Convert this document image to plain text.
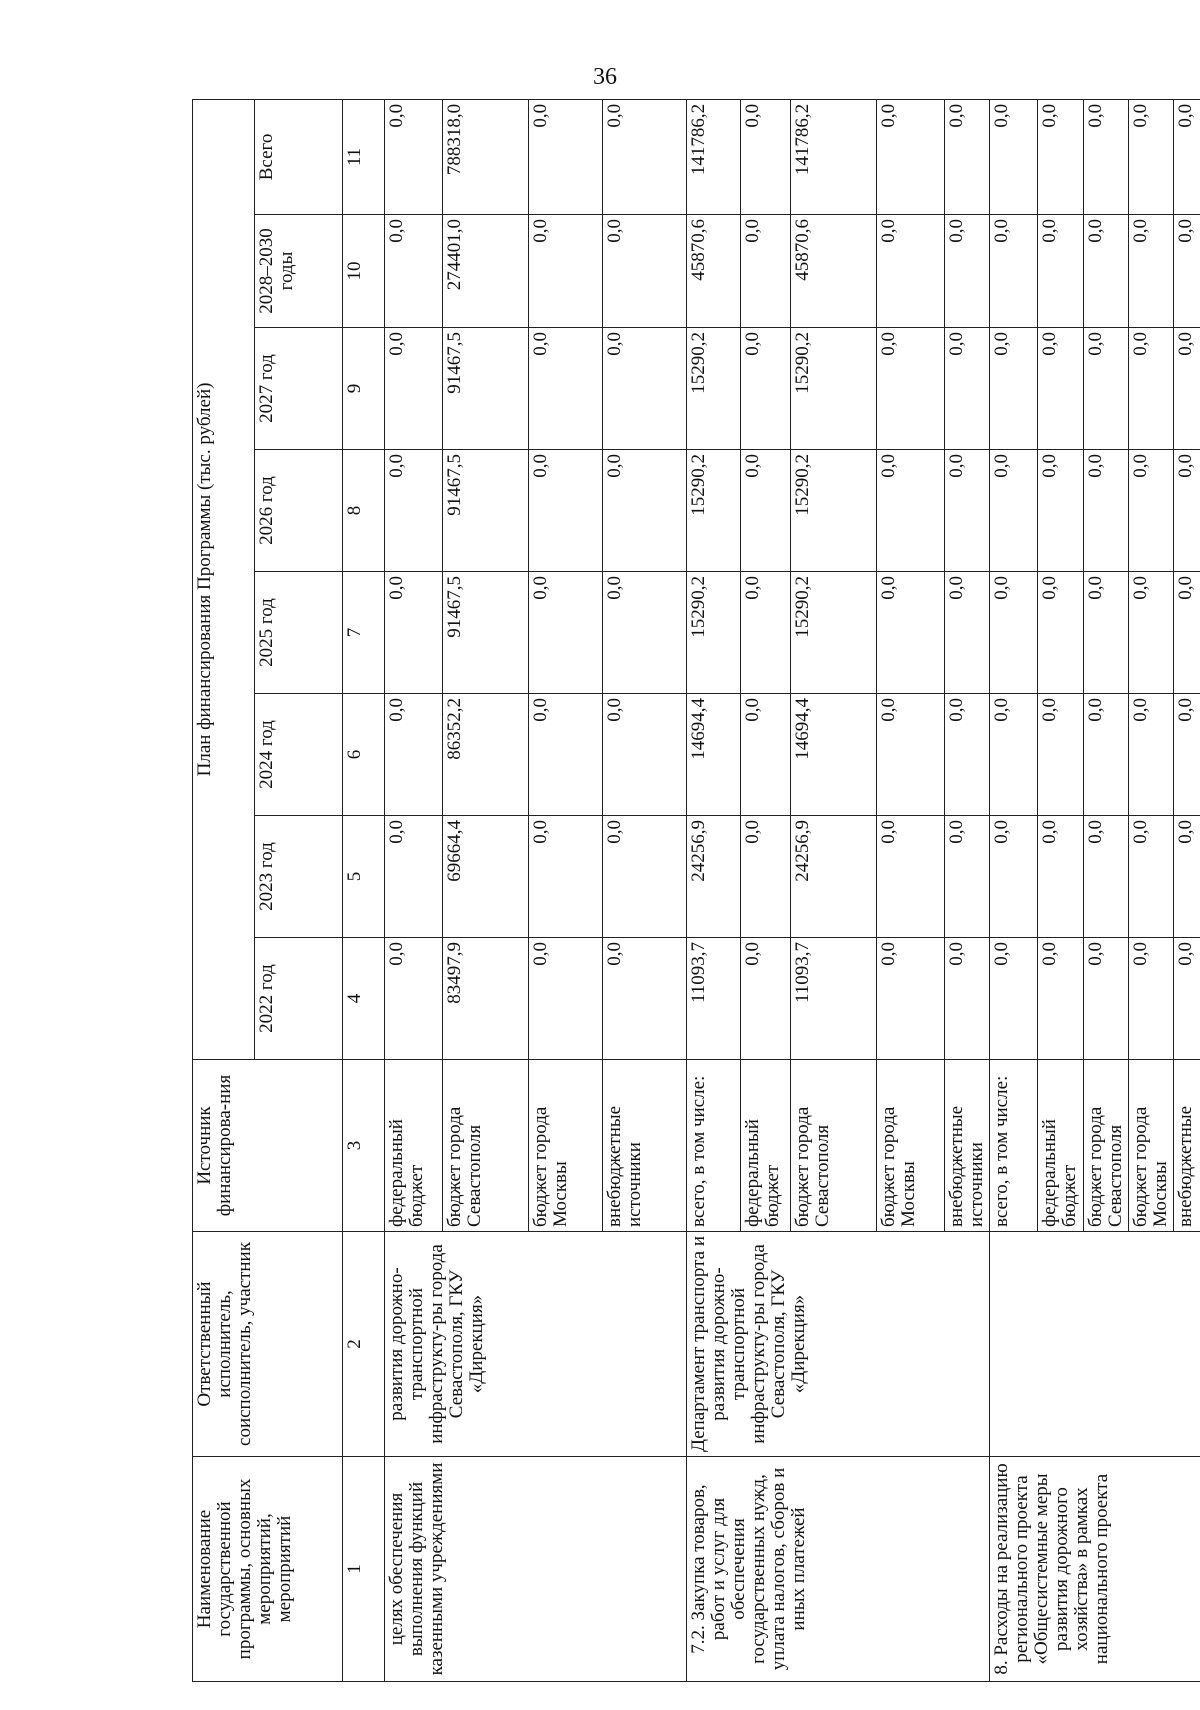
36
Наименование государственной программы, основных мероприятий, мероприятий	Ответственный исполнитель, соисполнитель, участник	Источник финансирова-ния	План финансирования Программы (тыс. рублей)							
			2022 год	2023 год	2024 год	2025 год	2026 год	2027 год	2028–2030 годы	Всего
1	2	3	4	5	6	7	8	9	10	11
целях обеспечения выполнения функций казенными учреждениями	развития дорожно-транспортной инфраструкту-ры города Севастополя, ГКУ «Дирекция»	федеральный бюджет	0,0	0,0	0,0	0,0	0,0	0,0	0,0	0,0
		бюджет города Севастополя	83497,9	69664,4	86352,2	91467,5	91467,5	91467,5	274401,0	788318,0
		бюджет города Москвы	0,0	0,0	0,0	0,0	0,0	0,0	0,0	0,0
		внебюджетные источники	0,0	0,0	0,0	0,0	0,0	0,0	0,0	0,0
7.2. Закупка товаров, работ и услуг для обеспечения государственных нужд, уплата налогов, сборов и иных платежей	Департамент транспорта и развития дорожно-транспортной инфраструкту-ры города Севастополя, ГКУ «Дирекция»	всего, в том числе:	11093,7	24256,9	14694,4	15290,2	15290,2	15290,2	45870,6	141786,2
		федеральный бюджет	0,0	0,0	0,0	0,0	0,0	0,0	0,0	0,0
		бюджет города Севастополя	11093,7	24256,9	14694,4	15290,2	15290,2	15290,2	45870,6	141786,2
		бюджет города Москвы	0,0	0,0	0,0	0,0	0,0	0,0	0,0	0,0
		внебюджетные источники	0,0	0,0	0,0	0,0	0,0	0,0	0,0	0,0
8. Расходы на реализацию регионального проекта «Общесистемные меры развития дорожного хозяйства» в рамках национального проекта		всего, в том числе:	0,0	0,0	0,0	0,0	0,0	0,0	0,0	0,0
		федеральный бюджет	0,0	0,0	0,0	0,0	0,0	0,0	0,0	0,0
		бюджет города Севастополя	0,0	0,0	0,0	0,0	0,0	0,0	0,0	0,0
		бюджет города Москвы	0,0	0,0	0,0	0,0	0,0	0,0	0,0	0,0
		внебюджетные	0,0	0,0	0,0	0,0	0,0	0,0	0,0	0,0
